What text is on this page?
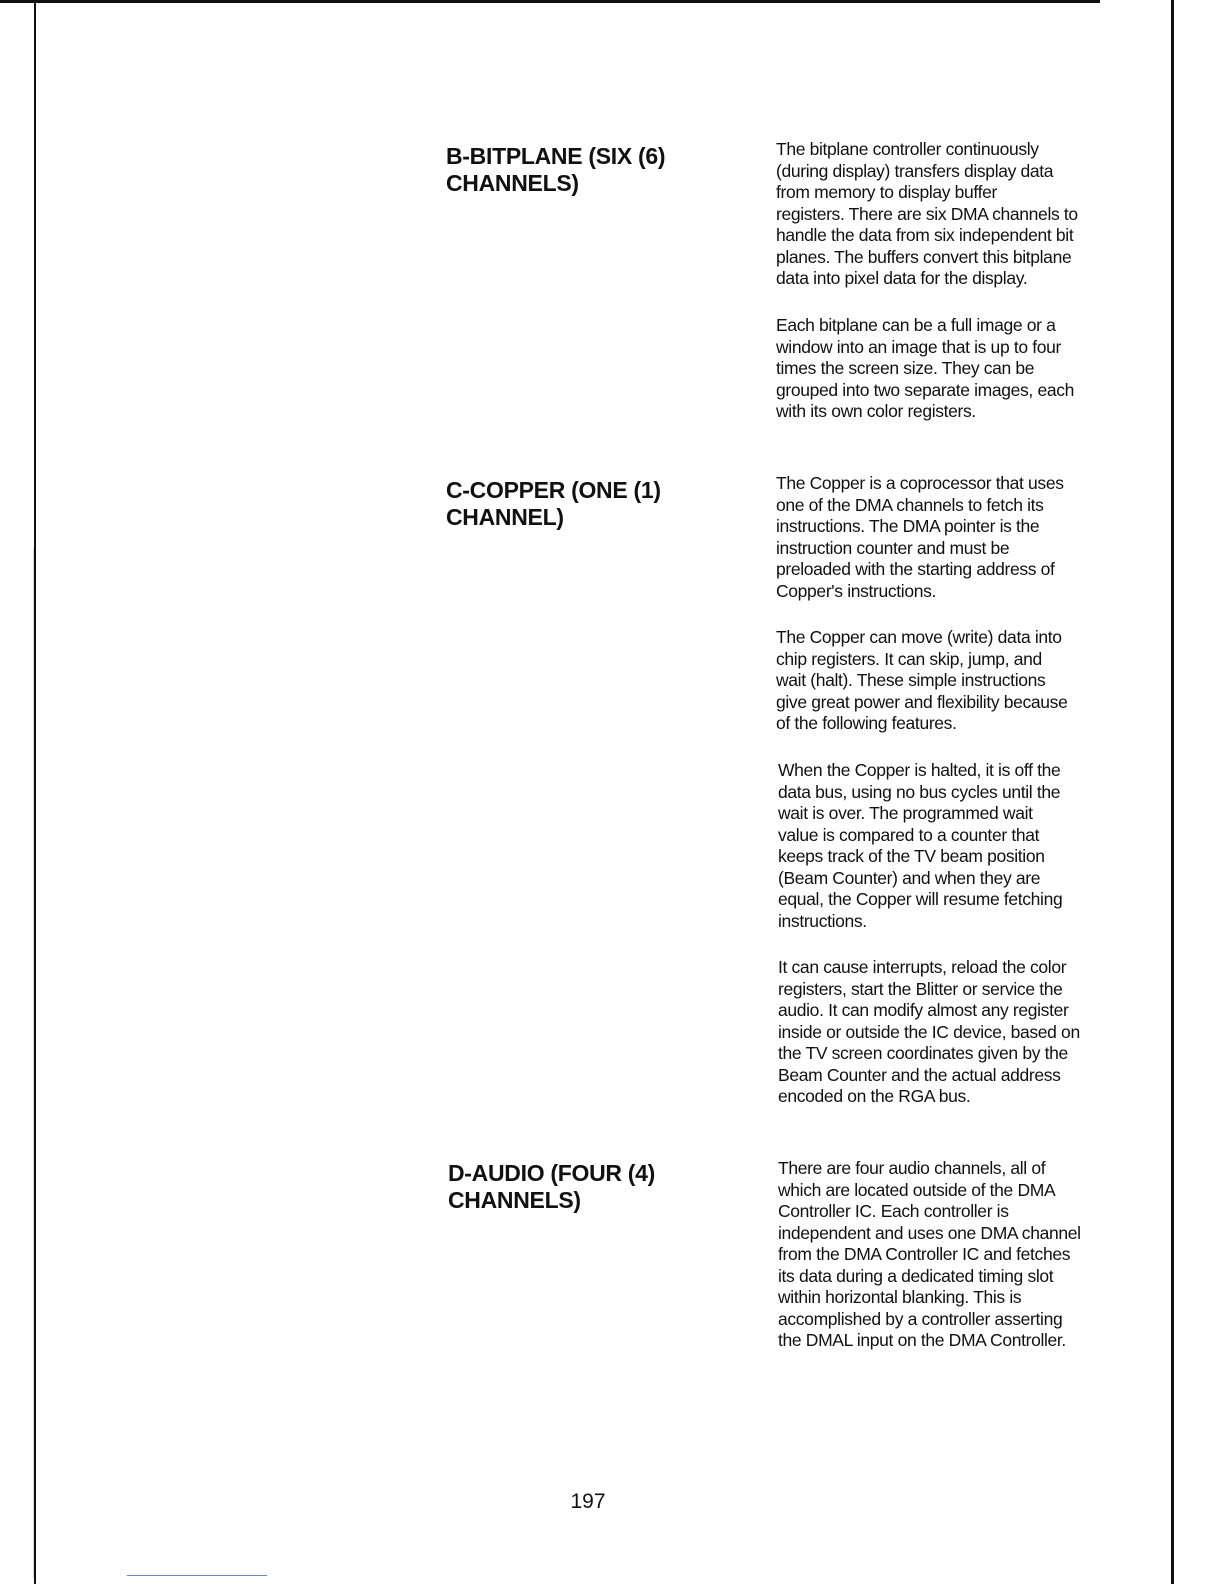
B-BITPLANE (SIX (6)
CHANNELS)

The bitplane controller continuously
(during display) transfers display data
from memory to display buffer
registers. There are six DMA channels to
handle the data from six independent bit
planes. The buffers convert this bitplane
data into pixel data for the display.

Each bitplane can be a full image or a
window into an image that is up to four
times the screen size. They can be
grouped into two separate images, each
with its own color registers.

C-COPPER (ONE (1)
CHANNEL)

The Copper is a coprocessor that uses
one of the DMA channels to fetch its
instructions. The DMA pointer is the
instruction counter and must be
preloaded with the starting address of
Copper's instructions.

The Copper can move (write) data into
chip registers. It can skip, jump, and
wait (halt). These simple instructions
give great power and flexibility because
of the following features.

When the Copper is halted, it is off the
data bus, using no bus cycles until the
wait is over. The programmed wait
value is compared to a counter that
keeps track of the TV beam position
(Beam Counter) and when they are
equal, the Copper will resume fetching
instructions.

It can cause interrupts, reload the color
registers, start the Blitter or service the
audio. It can modify almost any register
inside or outside the IC device, based on
the TV screen coordinates given by the
Beam Counter and the actual address
encoded on the RGA bus.

D-AUDIO (FOUR (4)
CHANNELS)

There are four audio channels, all of
which are located outside of the DMA
Controller IC. Each controller is
independent and uses one DMA channel
from the DMA Controller IC and fetches
its data during a dedicated timing slot
within horizontal blanking. This is
accomplished by a controller asserting
the DMAL input on the DMA Controller.

197
